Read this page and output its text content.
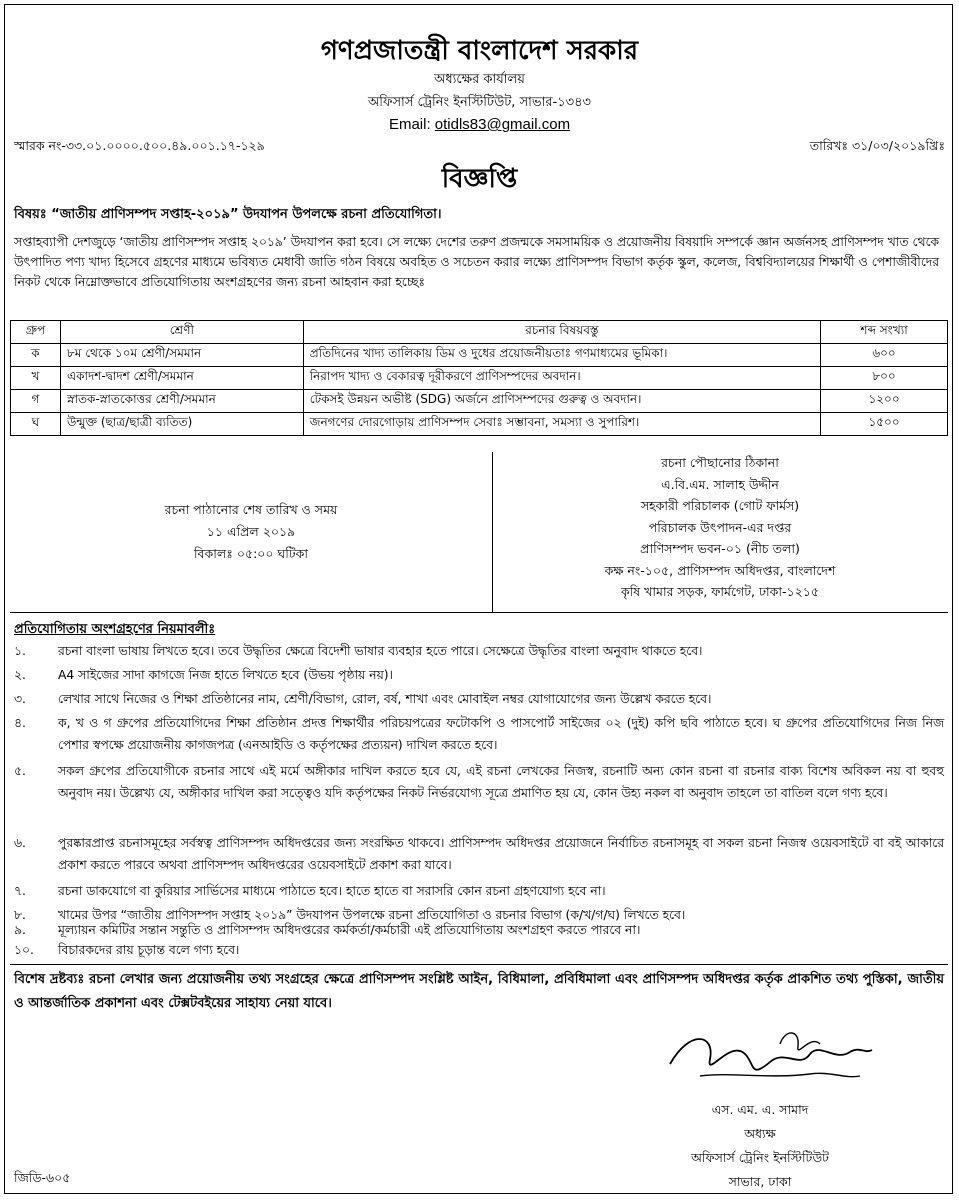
গণপ্রজাতন্ত্রী বাংলাদেশ সরকার
অধ্যক্ষের কার্যালয়
অফিসার্স ট্রেনিং ইনস্টিটিউট, সাভার-১৩৪৩
Email: otidls83@gmail.com
স্মারক নং-৩৩.০১.০০০০.৫০০.৪৯.০০১.১৭-১২৯	তারিখঃ ৩১/০৩/২০১৯খ্রিঃ
বিজ্ঞপ্তি
বিষয়ঃ “জাতীয় প্রাণিসম্পদ সপ্তাহ-২০১৯” উদযাপন উপলক্ষে রচনা প্রতিযোগিতা।
সপ্তাহব্যাপী দেশজুড়ে ‘জাতীয় প্রাণিসম্পদ সপ্তাহ ২০১৯’ উদযাপন করা হবে। সে লক্ষ্যে দেশের তরুণ প্রজন্মকে সমসাময়িক ও প্রয়োজনীয় বিষয়াদি সম্পর্কে জ্ঞান অর্জনসহ প্রাণিসম্পদ খাত থেকে উৎপাদিত পণ্য খাদ্য হিসেবে গ্রহণের মাধ্যমে ভবিষ্যত মেধাবী জাতি গঠন বিষয়ে অবহিত ও সচেতন করার লক্ষ্যে প্রাণিসম্পদ বিভাগ কর্তৃক স্কুল, কলেজ, বিশ্ববিদ্যালয়ের শিক্ষার্থী ও পেশাজীবীদের নিকট থেকে নিম্নোক্তভাবে প্রতিযোগিতায় অংশগ্রহণের জন্য রচনা আহবান করা হচ্ছেঃ
গ্রুপ	শ্রেণী	রচনার বিষয়বস্তু	শব্দ সংখ্যা
ক	৮ম থেকে ১০ম শ্রেণী/সমমান	প্রতিদিনের খাদ্য তালিকায় ডিম ও দুধের প্রয়োজনীয়তাঃ গণমাধ্যমের ভূমিকা।	৬০০
খ	একাদশ-দ্বাদশ শ্রেণী/সমমান	নিরাপদ খাদ্য ও বেকারত্ব দূরীকরণে প্রাণিসম্পদের অবদান।	৮০০
গ	স্নাতক-স্নাতকোত্তর শ্রেণী/সমমান	টেকসই উন্নয়ন অভীষ্ট (SDG) অর্জনে প্রাণিসম্পদের গুরুত্ব ও অবদান।	১২০০
ঘ	উন্মুক্ত (ছাত্র/ছাত্রী ব্যতিত)	জনগণের দোরগোড়ায় প্রাণিসম্পদ সেবাঃ সম্ভাবনা, সমস্যা ও সুপারিশ।	১৫০০
রচনা পাঠানোর শেষ তারিখ ও সময়
১১ এপ্রিল ২০১৯
বিকালঃ ০৫:০০ ঘটিকা
রচনা পৌছানোর ঠিকানা
এ.বি.এম. সালাহ উদ্দীন
সহকারী পরিচালক (গোট ফার্মস)
পরিচালক উৎপাদন-এর দপ্তর
প্রাণিসম্পদ ভবন-০১ (নীচ তলা)
কক্ষ নং-১০৫, প্রাণিসম্পদ অধিদপ্তর, বাংলাদেশ
কৃষি খামার সড়ক, ফার্মগেট, ঢাকা-১২১৫
প্রতিযোগিতায় অংশগ্রহণের নিয়মাবলীঃ
১.	রচনা বাংলা ভাষায় লিখতে হবে। তবে উদ্ধৃতির ক্ষেত্রে বিদেশী ভাষার ব্যবহার হতে পারে। সেক্ষেত্রে উদ্ধৃতির বাংলা অনুবাদ থাকতে হবে।
২.	A4 সাইজের সাদা কাগজে নিজ হাতে লিখতে হবে (উভয় পৃষ্ঠায় নয়)।
৩.	লেখার সাথে নিজের ও শিক্ষা প্রতিষ্ঠানের নাম, শ্রেণী/বিভাগ, রোল, বর্ষ, শাখা এবং মোবাইল নম্বর যোগাযোগের জন্য উল্লেখ করতে হবে।
৪.	ক, খ ও গ গ্রুপের প্রতিযোগিদের শিক্ষা প্রতিষ্ঠান প্রদত্ত শিক্ষার্থীর পরিচয়পত্রের ফটোকপি ও পাসপোর্ট সাইজের ০২ (দুই) কপি ছবি পাঠাতে হবে। ঘ গ্রুপের প্রতিযোগিদের নিজ নিজ পেশার স্বপক্ষে প্রয়োজনীয় কাগজপত্র (এনআইডি ও কর্তৃপক্ষের প্রত্যয়ন) দাখিল করতে হবে।
৫.	সকল গ্রুপের প্রতিযোগীকে রচনার সাথে এই মর্মে অঙ্গীকার দাখিল করতে হবে যে, এই রচনা লেখকের নিজস্ব, রচনাটি অন্য কোন রচনা বা রচনার বাক্য বিশেষ অবিকল নয় বা হুবহু অনুবাদ নয়। উল্লেখ্য যে, অঙ্গীকার দাখিল করা সত্ত্বেও যদি কর্তৃপক্ষের নিকট নির্ভরযোগ্য সূত্রে প্রমাণিত হয় যে, কোন উহ্য নকল বা অনুবাদ তাহলে তা বাতিল বলে গণ্য হবে।
৬.	পুরষ্কারপ্রাপ্ত রচনাসমূহের সর্বস্বত্ব প্রাণিসম্পদ অধিদপ্তরের জন্য সংরক্ষিত থাকবে। প্রাণিসম্পদ অধিদপ্তর প্রয়োজনে নির্বাচিত রচনাসমূহ বা সকল রচনা নিজস্ব ওয়েবসাইটে বা বই আকারে প্রকাশ করতে পারবে অথবা প্রাণিসম্পদ অধিদপ্তরের ওয়েবসাইটে প্রকাশ করা যাবে।
৭.	রচনা ডাকযোগে বা কুরিয়ার সার্ভিসের মাধ্যমে পাঠাতে হবে। হাতে হাতে বা সরাসরি কোন রচনা গ্রহণযোগ্য হবে না।
৮.	খামের উপর “জাতীয় প্রাণিসম্পদ সপ্তাহ ২০১৯” উদযাপন উপলক্ষে রচনা প্রতিযোগিতা ও রচনার বিভাগ (ক/খ/গ/ঘ) লিখতে হবে।
বিশেষ দ্রষ্টব্যঃ রচনা লেখার জন্য প্রয়োজনীয় তথ্য সংগ্রহের ক্ষেত্রে প্রাণিসম্পদ সংশ্লিষ্ট আইন, বিধিমালা, প্রবিধিমালা এবং প্রাণিসম্পদ অধিদপ্তর কর্তৃক প্রাকশিত তথ্য পুস্তিকা, জাতীয় ও আন্তর্জাতিক প্রকাশনা এবং টেক্সটবইয়ের সাহায্য নেয়া যাবে।
এস. এম. এ. সামাদ
অধ্যক্ষ
অফিসার্স ট্রেনিং ইনস্টিটিউট
সাভার, ঢাকা
জিডি-৬০৫
৯.	মূল্যায়ন কমিটির সন্তান সন্তুতি ও প্রাণিসম্পদ অধিদপ্তরের কর্মকর্তা/কর্মচারী এই প্রতিযোগিতায় অংশগ্রহণ করতে পারবে না।
১০.	বিচারকদের রায় চূড়ান্ত বলে গণ্য হবে।
